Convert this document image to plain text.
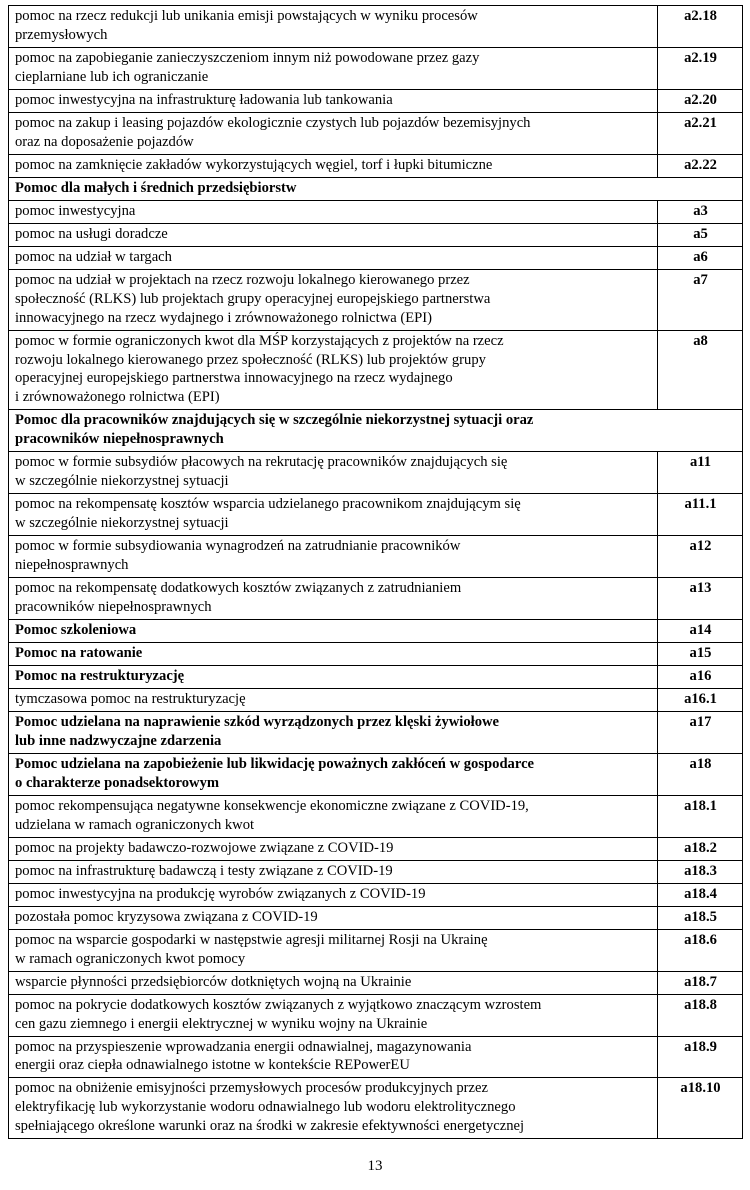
pomoc na rzecz redukcji lub unikania emisji powstających w wyniku procesów
przemysłowych	a2.18

pomoc na zapobieganie zanieczyszczeniom innym niż powodowane przez gazy
cieplarniane lub ich ograniczanie	a2.19

pomoc inwestycyjna na infrastrukturę ładowania lub tankowania	a2.20

pomoc na zakup i leasing pojazdów ekologicznie czystych lub pojazdów bezemisyjnych
oraz na doposażenie pojazdów	a2.21

pomoc na zamknięcie zakładów wykorzystujących węgiel, torf i łupki bitumiczne	a2.22

Pomoc dla małych i średnich przedsiębiorstw	

pomoc inwestycyjna	a3

pomoc na usługi doradcze	a5

pomoc na udział w targach	a6

pomoc na udział w projektach na rzecz rozwoju lokalnego kierowanego przez
społeczność (RLKS) lub projektach grupy operacyjnej europejskiego partnerstwa
innowacyjnego na rzecz wydajnego i zrównoważonego rolnictwa (EPI)	a7

pomoc w formie ograniczonych kwot dla MŚP korzystających z projektów na rzecz
rozwoju lokalnego kierowanego przez społeczność (RLKS) lub projektów grupy
operacyjnej europejskiego partnerstwa innowacyjnego na rzecz wydajnego
i zrównoważonego rolnictwa (EPI)	a8

Pomoc dla pracowników znajdujących się w szczególnie niekorzystnej sytuacji oraz
pracowników niepełnosprawnych	

pomoc w formie subsydiów płacowych na rekrutację pracowników znajdujących się
w szczególnie niekorzystnej sytuacji	a11

pomoc na rekompensatę kosztów wsparcia udzielanego pracownikom znajdującym się
w szczególnie niekorzystnej sytuacji	a11.1

pomoc w formie subsydiowania wynagrodzeń na zatrudnianie pracowników
niepełnosprawnych	a12

pomoc na rekompensatę dodatkowych kosztów związanych z zatrudnianiem
pracowników niepełnosprawnych	a13

Pomoc szkoleniowa	a14

Pomoc na ratowanie	a15

Pomoc na restrukturyzację	a16

tymczasowa pomoc na restrukturyzację	a16.1

Pomoc udzielana na naprawienie szkód wyrządzonych przez klęski żywiołowe
lub inne nadzwyczajne zdarzenia	a17

Pomoc udzielana na zapobieżenie lub likwidację poważnych zakłóceń w gospodarce
o charakterze ponadsektorowym	a18

pomoc rekompensująca negatywne konsekwencje ekonomiczne związane z COVID-19,
udzielana w ramach ograniczonych kwot	a18.1

pomoc na projekty badawczo-rozwojowe związane z COVID-19	a18.2

pomoc na infrastrukturę badawczą i testy związane z COVID-19	a18.3

pomoc inwestycyjna na produkcję wyrobów związanych z COVID-19	a18.4

pozostała pomoc kryzysowa związana z COVID-19	a18.5

pomoc na wsparcie gospodarki w następstwie agresji militarnej Rosji na Ukrainę
w ramach ograniczonych kwot pomocy	a18.6

wsparcie płynności przedsiębiorców dotkniętych wojną na Ukrainie	a18.7

pomoc na pokrycie dodatkowych kosztów związanych z wyjątkowo znaczącym wzrostem
cen gazu ziemnego i energii elektrycznej w wyniku wojny na Ukrainie	a18.8

pomoc na przyspieszenie wprowadzania energii odnawialnej, magazynowania
energii oraz ciepła odnawialnego istotne w kontekście REPowerEU	a18.9

pomoc na obniżenie emisyjności przemysłowych procesów produkcyjnych przez
elektryfikację lub wykorzystanie wodoru odnawialnego lub wodoru elektrolitycznego
spełniającego określone warunki oraz na środki w zakresie efektywności energetycznej	a18.10
13
